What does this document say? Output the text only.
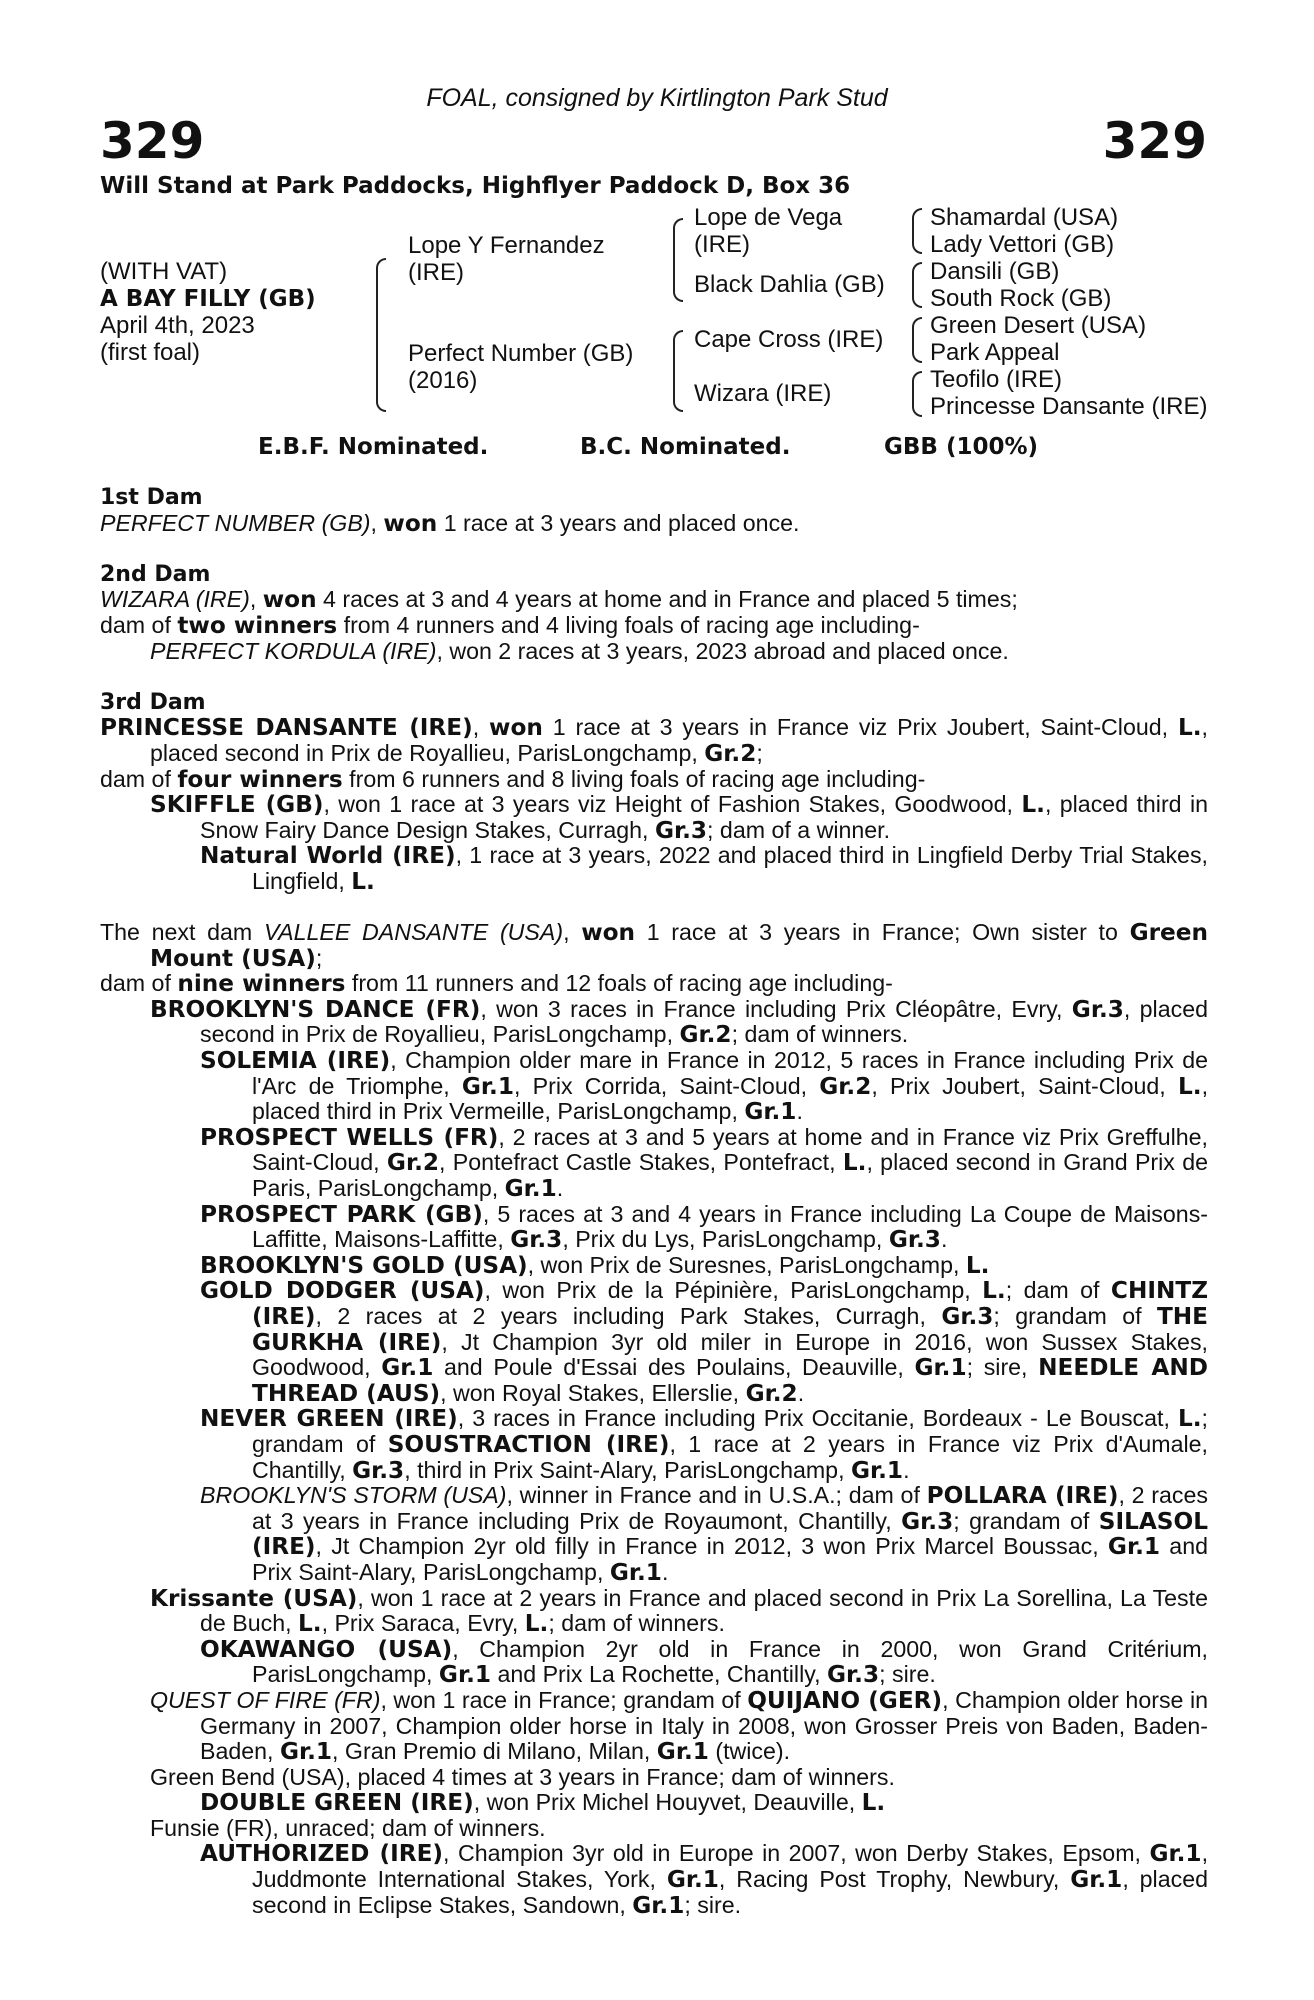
FOAL, consigned by Kirtlington Park Stud
329	329
Will Stand at Park Paddocks, Highflyer Paddock D, Box 36
(WITH VAT)
A BAY FILLY (GB)
April 4th, 2023
(first foal)
Lope Y Fernandez
(IRE)
Perfect Number (GB)
(2016)
Lope de Vega
(IRE)
Black Dahlia (GB)
Cape Cross (IRE)
Wizara (IRE)
Shamardal (USA)
Lady Vettori (GB)
Dansili (GB)
South Rock (GB)
Green Desert (USA)
Park Appeal
Teofilo (IRE)
Princesse Dansante (IRE)
E.B.F. Nominated.	B.C. Nominated.	GBB (100%)

1st Dam

PERFECT NUMBER (GB), won 1 race at 3 years and placed once.

2nd Dam

WIZARA (IRE), won 4 races at 3 and 4 years at home and in France and placed 5 times;

dam of two winners from 4 runners and 4 living foals of racing age including-

PERFECT KORDULA (IRE), won 2 races at 3 years, 2023 abroad and placed once.

3rd Dam

PRINCESSE DANSANTE (IRE), won 1 race at 3 years in France viz Prix Joubert, Saint-Cloud, L., placed second in Prix de Royallieu, ParisLongchamp, Gr.2;

dam of four winners from 6 runners and 8 living foals of racing age including-

SKIFFLE (GB), won 1 race at 3 years viz Height of Fashion Stakes, Goodwood, L., placed third in Snow Fairy Dance Design Stakes, Curragh, Gr.3; dam of a winner.

Natural World (IRE), 1 race at 3 years, 2022 and placed third in Lingfield Derby Trial Stakes, Lingfield, L.

The next dam VALLEE DANSANTE (USA), won 1 race at 3 years in France; Own sister to Green Mount (USA);

dam of nine winners from 11 runners and 12 foals of racing age including-

BROOKLYN'S DANCE (FR), won 3 races in France including Prix Cléopâtre, Evry, Gr.3, placed second in Prix de Royallieu, ParisLongchamp, Gr.2; dam of winners.

SOLEMIA (IRE), Champion older mare in France in 2012, 5 races in France including Prix de l'Arc de Triomphe, Gr.1, Prix Corrida, Saint-Cloud, Gr.2, Prix Joubert, Saint-Cloud, L., placed third in Prix Vermeille, ParisLongchamp, Gr.1.

PROSPECT WELLS (FR), 2 races at 3 and 5 years at home and in France viz Prix Greffulhe, Saint-Cloud, Gr.2, Pontefract Castle Stakes, Pontefract, L., placed second in Grand Prix de Paris, ParisLongchamp, Gr.1.

PROSPECT PARK (GB), 5 races at 3 and 4 years in France including La Coupe de Maisons-Laffitte, Maisons-Laffitte, Gr.3, Prix du Lys, ParisLongchamp, Gr.3.

BROOKLYN'S GOLD (USA), won Prix de Suresnes, ParisLongchamp, L.

GOLD DODGER (USA), won Prix de la Pépinière, ParisLongchamp, L.; dam of CHINTZ (IRE), 2 races at 2 years including Park Stakes, Curragh, Gr.3; grandam of THE GURKHA (IRE), Jt Champion 3yr old miler in Europe in 2016, won Sussex Stakes, Goodwood, Gr.1 and Poule d'Essai des Poulains, Deauville, Gr.1; sire, NEEDLE AND THREAD (AUS), won Royal Stakes, Ellerslie, Gr.2.

NEVER GREEN (IRE), 3 races in France including Prix Occitanie, Bordeaux - Le Bouscat, L.; grandam of SOUSTRACTION (IRE), 1 race at 2 years in France viz Prix d'Aumale, Chantilly, Gr.3, third in Prix Saint-Alary, ParisLongchamp, Gr.1.

BROOKLYN'S STORM (USA), winner in France and in U.S.A.; dam of POLLARA (IRE), 2 races at 3 years in France including Prix de Royaumont, Chantilly, Gr.3; grandam of SILASOL (IRE), Jt Champion 2yr old filly in France in 2012, 3 won Prix Marcel Boussac, Gr.1 and Prix Saint-Alary, ParisLongchamp, Gr.1.

Krissante (USA), won 1 race at 2 years in France and placed second in Prix La Sorellina, La Teste de Buch, L., Prix Saraca, Evry, L.; dam of winners.

OKAWANGO (USA), Champion 2yr old in France in 2000, won Grand Critérium, ParisLongchamp, Gr.1 and Prix La Rochette, Chantilly, Gr.3; sire.

QUEST OF FIRE (FR), won 1 race in France; grandam of QUIJANO (GER), Champion older horse in Germany in 2007, Champion older horse in Italy in 2008, won Grosser Preis von Baden, Baden-Baden, Gr.1, Gran Premio di Milano, Milan, Gr.1 (twice).

Green Bend (USA), placed 4 times at 3 years in France; dam of winners.

DOUBLE GREEN (IRE), won Prix Michel Houyvet, Deauville, L.

Funsie (FR), unraced; dam of winners.

AUTHORIZED (IRE), Champion 3yr old in Europe in 2007, won Derby Stakes, Epsom, Gr.1, Juddmonte International Stakes, York, Gr.1, Racing Post Trophy, Newbury, Gr.1, placed second in Eclipse Stakes, Sandown, Gr.1; sire.
